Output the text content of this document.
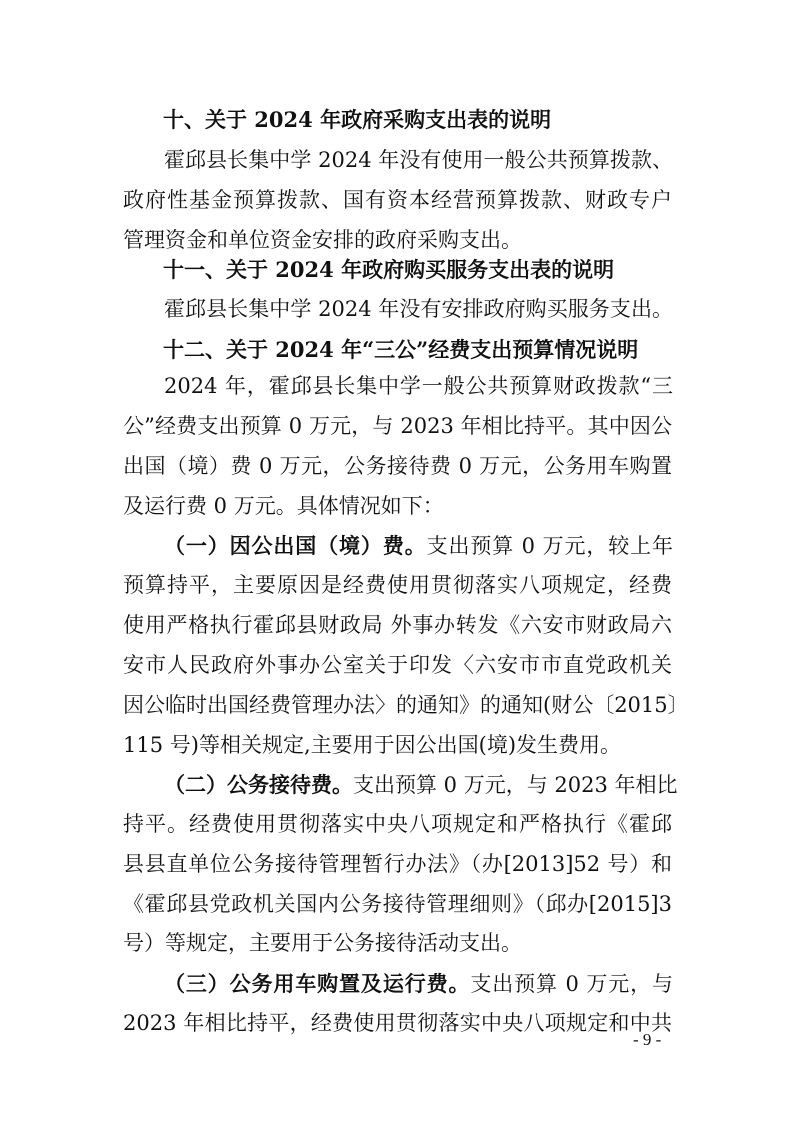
十、关于 2024 年政府采购支出表的说明
霍邱县长集中学 2024 年没有使用一般公共预算拨款、
政府性基金预算拨款、国有资本经营预算拨款、财政专户
管理资金和单位资金安排的政府采购支出。
十一、关于 2024 年政府购买服务支出表的说明
霍邱县长集中学 2024 年没有安排政府购买服务支出。
十二、关于 2024 年“三公”经费支出预算情况说明
2024 年，霍邱县长集中学一般公共预算财政拨款“三
公”经费支出预算 0 万元，与 2023 年相比持平。其中因公
出国（境）费 0 万元，公务接待费 0 万元，公务用车购置
及运行费 0 万元。具体情况如下：
（一）因公出国（境）费。支出预算 0 万元，较上年
预算持平，主要原因是经费使用贯彻落实八项规定，经费
使用严格执行霍邱县财政局 外事办转发《六安市财政局六
安市人民政府外事办公室关于印发〈六安市市直党政机关
因公临时出国经费管理办法〉的通知》的通知(财公〔2015〕
115 号)等相关规定,主要用于因公出国(境)发生费用。
（二）公务接待费。支出预算 0 万元，与 2023 年相比
持平。经费使用贯彻落实中央八项规定和严格执行《霍邱
县县直单位公务接待管理暂行办法》（办[2013]52 号）和
《霍邱县党政机关国内公务接待管理细则》（邱办[2015]3
号）等规定，主要用于公务接待活动支出。
（三）公务用车购置及运行费。支出预算 0 万元，与
2023 年相比持平，经费使用贯彻落实中央八项规定和中共
- 9 -
